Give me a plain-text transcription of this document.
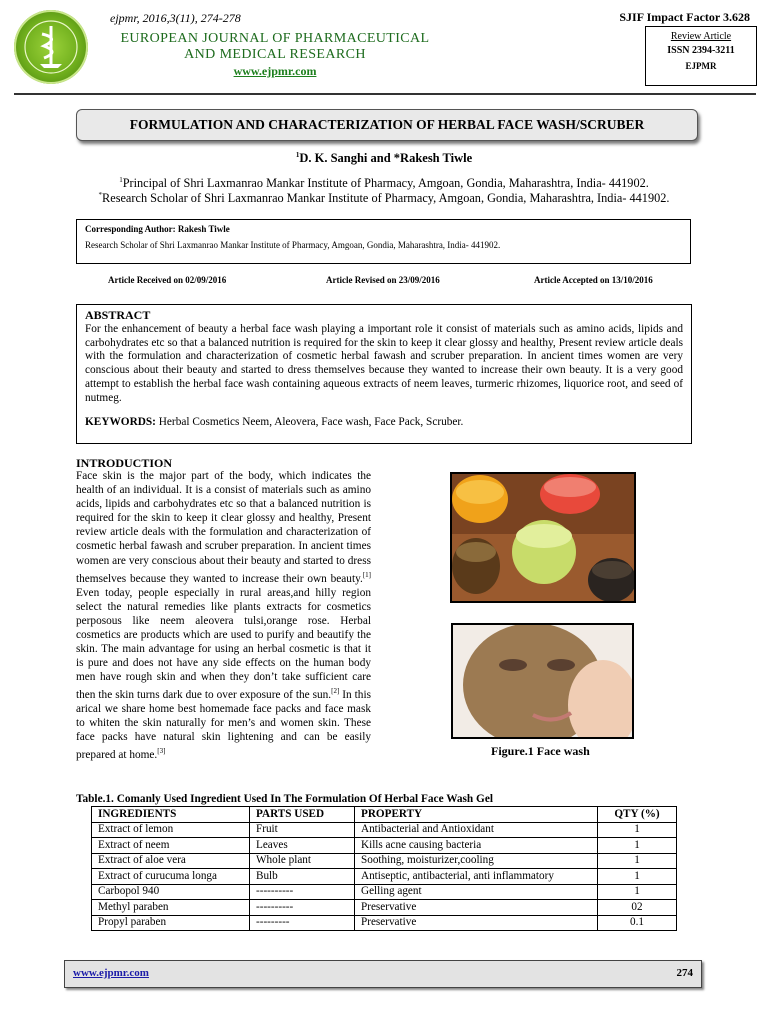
ejpmr, 2016,3(11), 274-278
EUROPEAN JOURNAL OF PHARMACEUTICAL
AND MEDICAL RESEARCH
www.ejpmr.com
SJIF Impact Factor 3.628
Review Article
ISSN 2394-3211
EJPMR
FORMULATION AND CHARACTERIZATION OF HERBAL FACE WASH/SCRUBER
$^1$D. K. Sanghi and *Rakesh Tiwle
$^1$Principal of Shri Laxmanrao Mankar Institute of Pharmacy, Amgoan, Gondia, Maharashtra, India- 441902.
*Research Scholar of Shri Laxmanrao Mankar Institute of Pharmacy, Amgoan, Gondia, Maharashtra, India- 441902.
Corresponding Author: Rakesh Tiwle
Research Scholar of Shri Laxmanrao Mankar Institute of Pharmacy, Amgoan, Gondia, Maharashtra, India- 441902.
Article Received on 02/09/2016	Article Revised on 23/09/2016	Article Accepted on 13/10/2016
ABSTRACT
For the enhancement of beauty a herbal face wash playing a important role it consist of materials such as amino acids, lipids and carbohydrates etc so that a balanced nutrition is required for the skin to keep it clear glossy and healthy, Present review article deals with the formulation and characterization of cosmetic herbal fawash and scruber preparation. In ancient times women are very conscious about their beauty and started to dress themselves because they wanted to increase their own beauty. It is a very good attempt to establish the herbal face wash containing aqueous extracts of neem leaves, turmeric rhizomes, liquorice root, and seed of nutmeg.
KEYWORDS: Herbal Cosmetics Neem, Aleovera, Face wash, Face Pack, Scruber.
INTRODUCTION
Face skin is the major part of the body, which indicates the health of an individual. It is a consist of materials such as amino acids, lipids and carbohydrates etc so that a balanced nutrition is required for the skin to keep it clear glossy and healthy, Present review article deals with the formulation and characterization of cosmetic herbal fawash and scruber preparation. In ancient times women are very conscious about their beauty and started to dress themselves because they wanted to increase their own beauty.[1] Even today, people especially in rural areas,and hilly region select the natural remedies like plants extracts for cosmetics perposous like neem aleovera tulsi,orange rose. Herbal cosmetics are products which are used to purify and beautify the skin. The main advantage for using an herbal cosmetic is that it is pure and does not have any side effects on the human body men have rough skin and when they don’t take sufficient care then the skin turns dark due to over exposure of the sun.[2] In this arical we share home best homemade face packs and face mask to whiten the skin naturally for men’s and women skin. These face packs have natural skin lightening and can be easily prepared at home.[3]	Figure.1 Face wash
Table.1. Comanly Used Ingredient Used In The Formulation Of Herbal Face Wash Gel
INGREDIENTS	PARTS USED	PROPERTY	QTY (%)
Extract of lemon	Fruit	Antibacterial and Antioxidant	1
Extract of neem	Leaves	Kills acne causing bacteria	1
Extract of aloe vera	Whole plant	Soothing, moisturizer,cooling	1
Extract of curucuma longa	Bulb	Antiseptic, antibacterial, anti inflammatory	1
Carbopol 940	----------	Gelling agent	1
Methyl paraben	----------	Preservative	02
Propyl paraben	---------	Preservative	0.1
www.ejpmr.com	274
